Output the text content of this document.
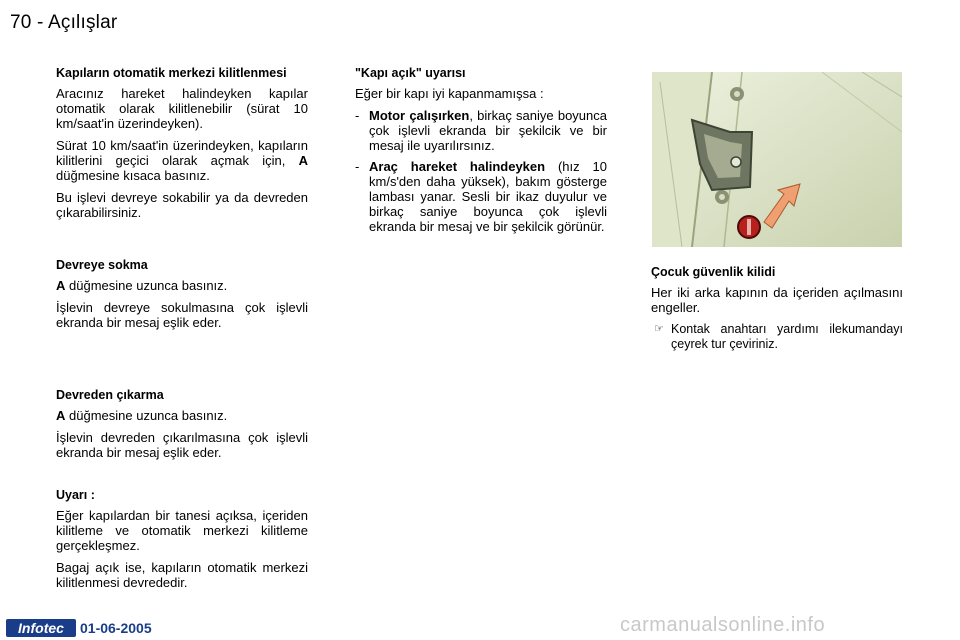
70 - Açılışlar
Kapıların otomatik merkezi kilitlenmesi

Aracınız hareket halindeyken kapılar otomatik olarak kilitlenebilir (sürat 10 km/saat'in üzerindeyken).

Sürat 10 km/saat'in üzerindeyken, kapıların kilitlerini geçici olarak açmak için, A düğmesine kısaca basınız.

Bu işlevi devreye sokabilir ya da devreden çıkarabilirsiniz.

Devreye sokma

A düğmesine uzunca basınız.

İşlevin devreye sokulmasına çok işlevli ekranda bir mesaj eşlik eder.

Devreden çıkarma

A düğmesine uzunca basınız.

İşlevin devreden çıkarılmasına çok işlevli ekranda bir mesaj eşlik eder.

Uyarı :

Eğer kapılardan bir tanesi açıksa, içeriden kilitleme ve otomatik merkezi kilitleme gerçekleşmez.

Bagaj açık ise, kapıların otomatik merkezi kilitlenmesi devrededir.

"Kapı açık" uyarısı

Eğer bir kapı iyi kapanmamışsa :

- Motor çalışırken, birkaç saniye boyunca çok işlevli ekranda bir şekilcik ve bir mesaj ile uyarılırsınız.
- Araç hareket halindeyken (hız 10 km/s'den daha yüksek), bakım gösterge lambası yanar. Sesli bir ikaz duyulur ve birkaç saniye boyunca çok işlevli ekranda bir mesaj ve bir şekilcik görünür.
Çocuk güvenlik kilidi

Her iki arka kapının da içeriden açılmasını engeller.

☞ Kontak anahtarı yardımı ilekumandayı çeyrek tur çeviriniz.
Infotec	01-06-2005	carmanualsonline.info
